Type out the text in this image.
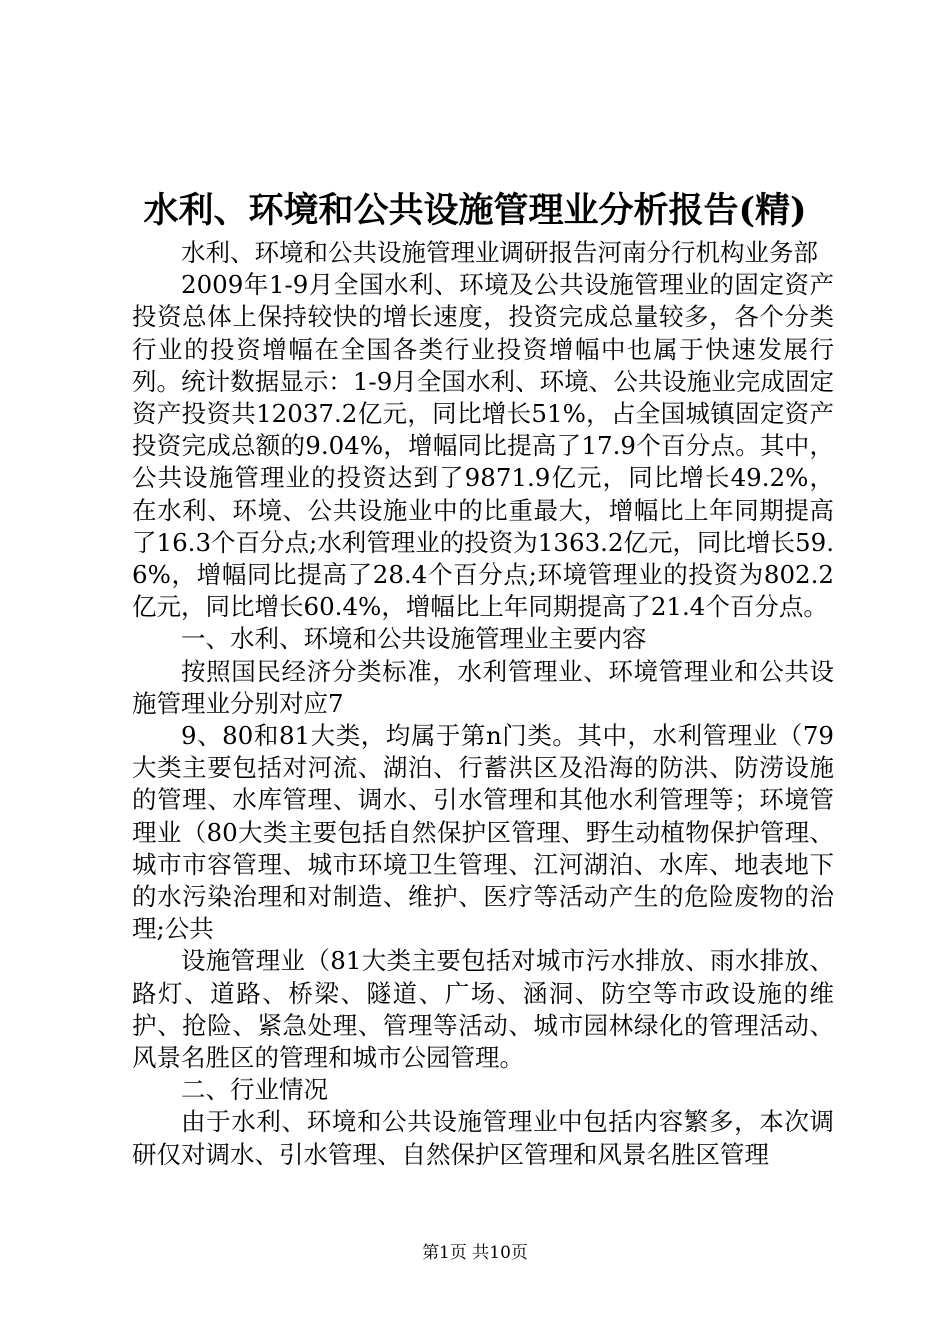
水利、环境和公共设施管理业分析报告(精)

水利、环境和公共设施管理业调研报告河南分行机构业务部

2009年1-9月全国水利、环境及公共设施管理业的固定资产投资总体上保持较快的增长速度，投资完成总量较多，各个分类行业的投资增幅在全国各类行业投资增幅中也属于快速发展行列。统计数据显示：1-9月全国水利、环境、公共设施业完成固定资产投资共12037.2亿元，同比增长51%，占全国城镇固定资产投资完成总额的9.04%，增幅同比提高了17.9个百分点。其中，公共设施管理业的投资达到了9871.9亿元，同比增长49.2%，在水利、环境、公共设施业中的比重最大，增幅比上年同期提高了16.3个百分点;水利管理业的投资为1363.2亿元，同比增长59.6%，增幅同比提高了28.4个百分点;环境管理业的投资为802.2亿元，同比增长60.4%，增幅比上年同期提高了21.4个百分点。

一、水利、环境和公共设施管理业主要内容

按照国民经济分类标准，水利管理业、环境管理业和公共设施管理业分别对应7

9、80和81大类，均属于第n门类。其中，水利管理业（79大类主要包括对河流、湖泊、行蓄洪区及沿海的防洪、防涝设施的管理、水库管理、调水、引水管理和其他水利管理等；环境管理业（80大类主要包括自然保护区管理、野生动植物保护管理、城市市容管理、城市环境卫生管理、江河湖泊、水库、地表地下的水污染治理和对制造、维护、医疗等活动产生的危险废物的治理;公共

设施管理业（81大类主要包括对城市污水排放、雨水排放、路灯、道路、桥梁、隧道、广场、涵洞、防空等市政设施的维护、抢险、紧急处理、管理等活动、城市园林绿化的管理活动、风景名胜区的管理和城市公园管理。

二、行业情况

由于水利、环境和公共设施管理业中包括内容繁多，本次调研仅对调水、引水管理、自然保护区管理和风景名胜区管理

第1页 共10页
